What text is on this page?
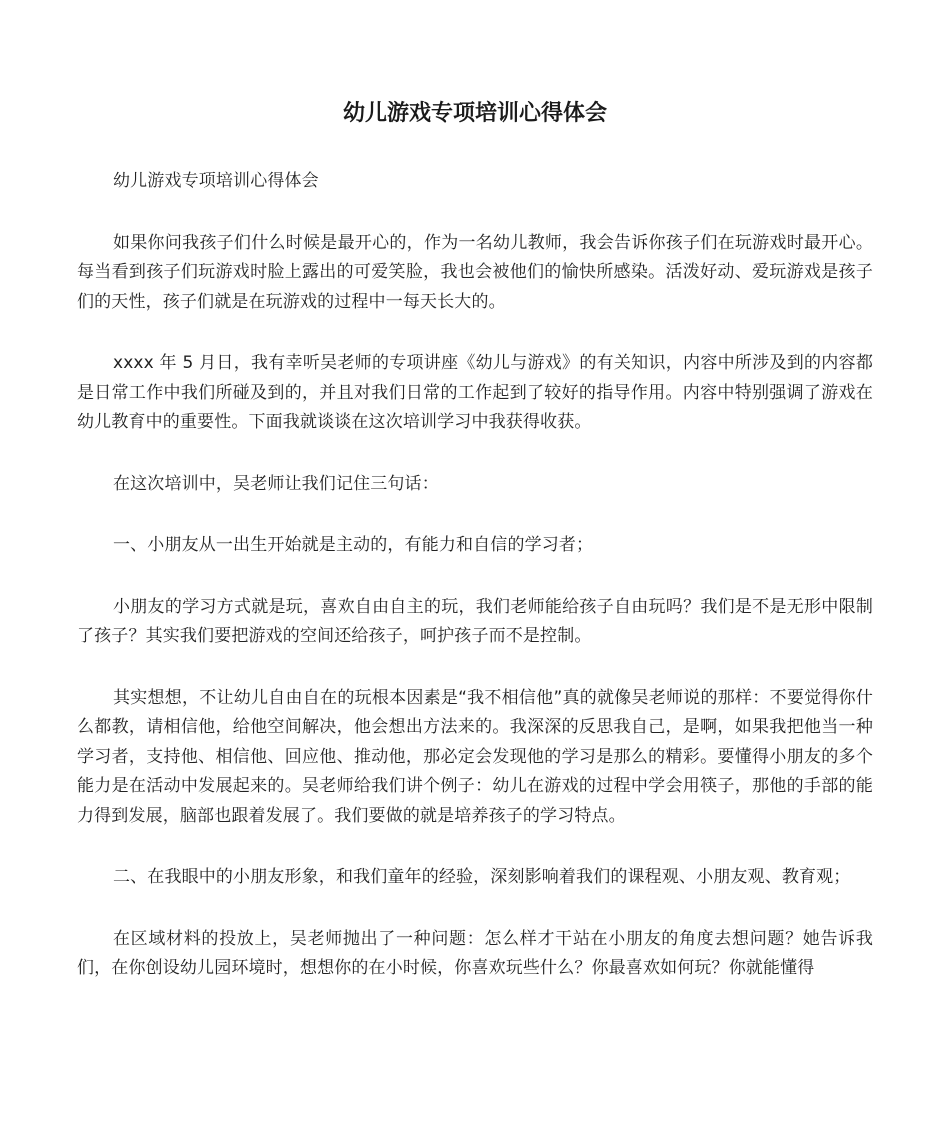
幼儿游戏专项培训心得体会

幼儿游戏专项培训心得体会

如果你问我孩子们什么时候是最开心的，作为一名幼儿教师，我会告诉你孩子们在玩游戏时最开心。每当看到孩子们玩游戏时脸上露出的可爱笑脸，我也会被他们的愉快所感染。活泼好动、爱玩游戏是孩子们的天性，孩子们就是在玩游戏的过程中一每天长大的。

xxxx 年 5 月日，我有幸听吴老师的专项讲座《幼儿与游戏》的有关知识，内容中所涉及到的内容都是日常工作中我们所碰及到的，并且对我们日常的工作起到了较好的指导作用。内容中特别强调了游戏在幼儿教育中的重要性。下面我就谈谈在这次培训学习中我获得收获。

在这次培训中，吴老师让我们记住三句话：

一、小朋友从一出生开始就是主动的，有能力和自信的学习者；

小朋友的学习方式就是玩，喜欢自由自主的玩，我们老师能给孩子自由玩吗？我们是不是无形中限制了孩子？其实我们要把游戏的空间还给孩子，呵护孩子而不是控制。

其实想想，不让幼儿自由自在的玩根本因素是“我不相信他”真的就像吴老师说的那样：不要觉得你什么都教，请相信他，给他空间解决，他会想出方法来的。我深深的反思我自己，是啊，如果我把他当一种学习者，支持他、相信他、回应他、推动他，那必定会发现他的学习是那么的精彩。要懂得小朋友的多个能力是在活动中发展起来的。吴老师给我们讲个例子：幼儿在游戏的过程中学会用筷子，那他的手部的能力得到发展，脑部也跟着发展了。我们要做的就是培养孩子的学习特点。

二、在我眼中的小朋友形象，和我们童年的经验，深刻影响着我们的课程观、小朋友观、教育观；

在区域材料的投放上，吴老师抛出了一种问题：怎么样才干站在小朋友的角度去想问题？她告诉我们，在你创设幼儿园环境时，想想你的在小时候，你喜欢玩些什么？你最喜欢如何玩？你就能懂得
